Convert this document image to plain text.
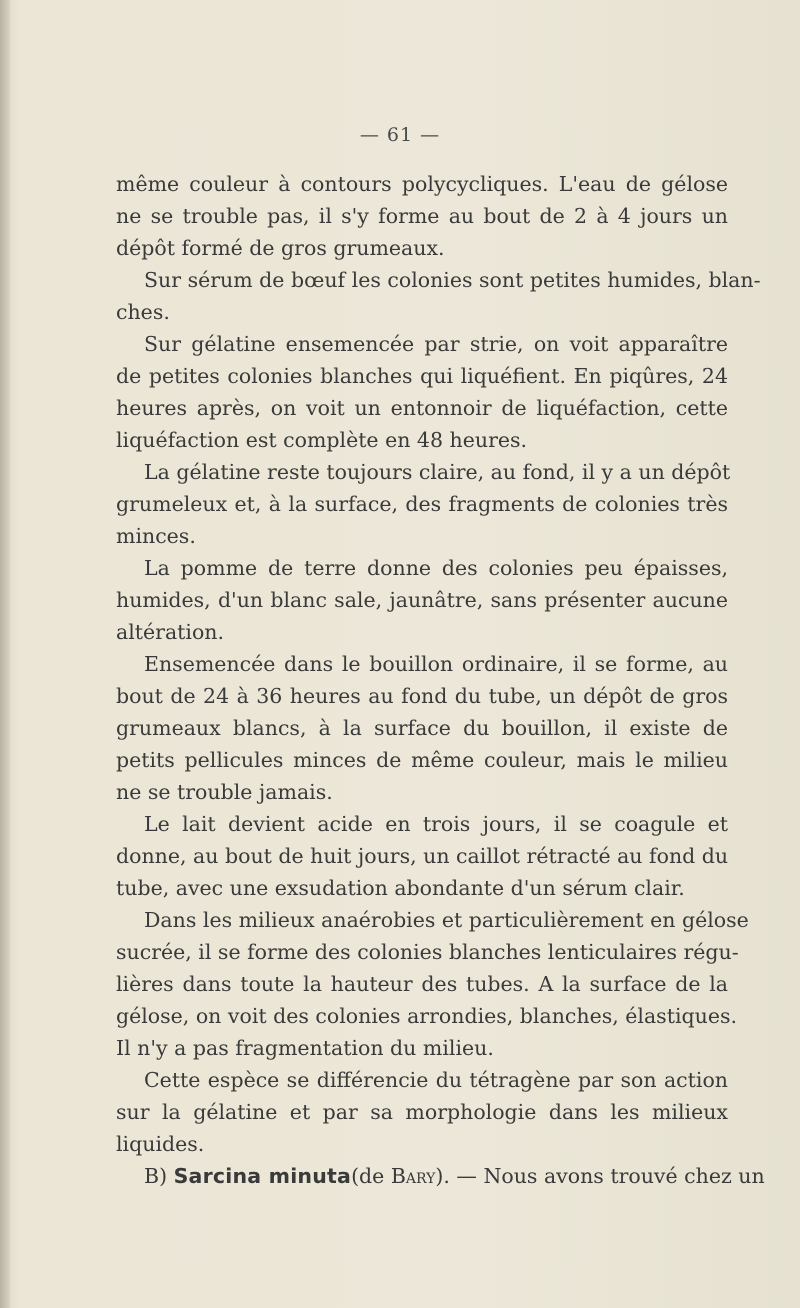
— 61 —
même couleur à contours polycycliques. L'eau de gélose
ne se trouble pas, il s'y forme au bout de 2 à 4 jours un
dépôt formé de gros grumeaux.
Sur sérum de bœuf les colonies sont petites humides, blan-
ches.
Sur gélatine ensemencée par strie, on voit apparaître
de petites colonies blanches qui liquéfient. En piqûres, 24
heures après, on voit un entonnoir de liquéfaction, cette
liquéfaction est complète en 48 heures.
La gélatine reste toujours claire, au fond, il y a un dépôt
grumeleux et, à la surface, des fragments de colonies très
minces.
La pomme de terre donne des colonies peu épaisses,
humides, d'un blanc sale, jaunâtre, sans présenter aucune
altération.
Ensemencée dans le bouillon ordinaire, il se forme, au
bout de 24 à 36 heures au fond du tube, un dépôt de gros
grumeaux blancs, à la surface du bouillon, il existe de
petits pellicules minces de même couleur, mais le milieu
ne se trouble jamais.
Le lait devient acide en trois jours, il se coagule et
donne, au bout de huit jours, un caillot rétracté au fond du
tube, avec une exsudation abondante d'un sérum clair.
Dans les milieux anaérobies et particulièrement en gélose
sucrée, il se forme des colonies blanches lenticulaires régu-
lières dans toute la hauteur des tubes. A la surface de la
gélose, on voit des colonies arrondies, blanches, élastiques.
Il n'y a pas fragmentation du milieu.
Cette espèce se différencie du tétragène par son action
sur la gélatine et par sa morphologie dans les milieux
liquides.
B) Sarcina minuta(de Bary). — Nous avons trouvé chez un
